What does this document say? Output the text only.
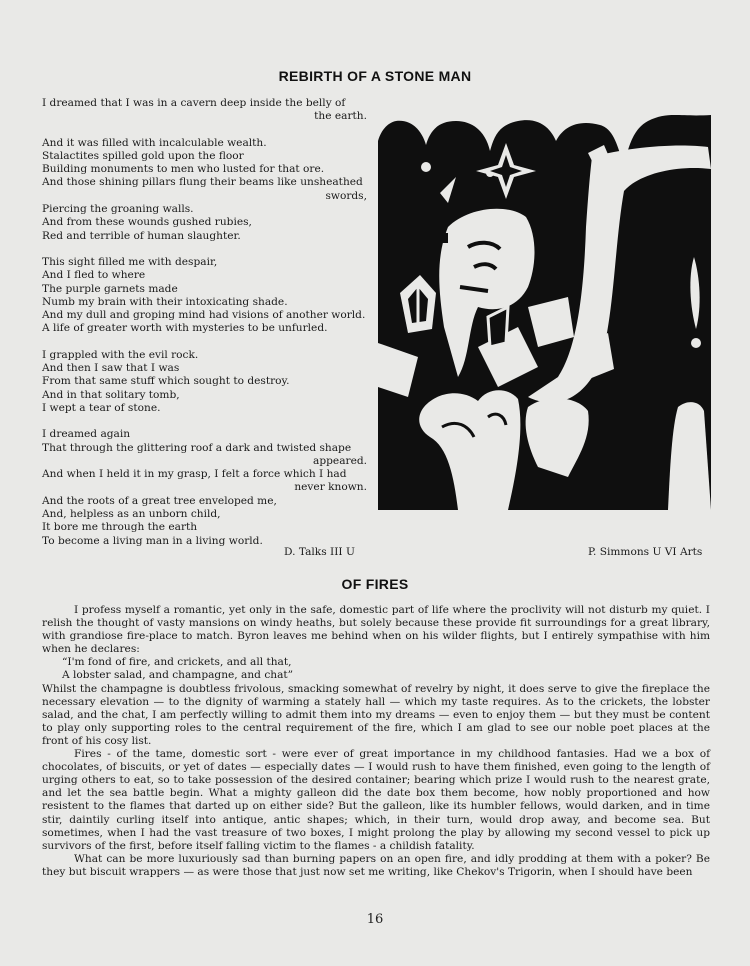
REBIRTH OF A STONE MAN
I dreamed that I was in a cavern deep inside the belly of
the earth.
And it was filled with incalculable wealth.
Stalactites spilled gold upon the floor
Building monuments to men who lusted for that ore.
And those shining pillars flung their beams like unsheathed
swords,
Piercing the groaning walls.
And from these wounds gushed rubies,
Red and terrible of human slaughter.
This sight filled me with despair,
And I fled to where
The purple garnets made
Numb my brain with their intoxicating shade.
And my dull and groping mind had visions of another world.
A life of greater worth with mysteries to be unfurled.
I grappled with the evil rock.
And then I saw that I was
From that same stuff which sought to destroy.
And in that solitary tomb,
I wept a tear of stone.
I dreamed again
That through the glittering roof a dark and twisted shape
appeared.
And when I held it in my grasp, I felt a force which I had
never known.
And the roots of a great tree enveloped me,
And, helpless as an unborn child,
It bore me through the earth
To become a living man in a living world.
D. Talks III U	P. Simmons U VI Arts
OF FIRES

I profess myself a romantic, yet only in the safe, domestic part of life where the proclivity will not disturb my quiet. I relish the thought of vasty mansions on windy heaths, but solely because these provide fit surroundings for a great library, with grandiose fire-place to match. Byron leaves me behind when on his wilder flights, but I entirely sympathise with him when he declares:

“I'm fond of fire, and crickets, and all that,

A lobster salad, and champagne, and chat”

Whilst the champagne is doubtless frivolous, smacking somewhat of revelry by night, it does serve to give the fireplace the necessary elevation — to the dignity of warming a stately hall — which my taste requires. As to the crickets, the lobster salad, and the chat, I am perfectly willing to admit them into my dreams — even to enjoy them — but they must be content to play only supporting roles to the central requirement of the fire, which I am glad to see our noble poet places at the front of his cosy list.

Fires - of the tame, domestic sort - were ever of great importance in my childhood fantasies. Had we a box of chocolates, of biscuits, or yet of dates — especially dates — I would rush to have them finished, even going to the length of urging others to eat, so to take possession of the desired container; bearing which prize I would rush to the nearest grate, and let the sea battle begin. What a mighty galleon did the date box them become, how nobly proportioned and how resistent to the flames that darted up on either side? But the galleon, like its humbler fellows, would darken, and in time stir, daintily curling itself into antique, antic shapes; which, in their turn, would drop away, and become sea. But sometimes, when I had the vast treasure of two boxes, I might prolong the play by allowing my second vessel to pick up survivors of the first, before itself falling victim to the flames - a childish fatality.

What can be more luxuriously sad than burning papers on an open fire, and idly prodding at them with a poker? Be they but biscuit wrappers — as were those that just now set me writing, like Chekov's Trigorin, when I should have been

16
